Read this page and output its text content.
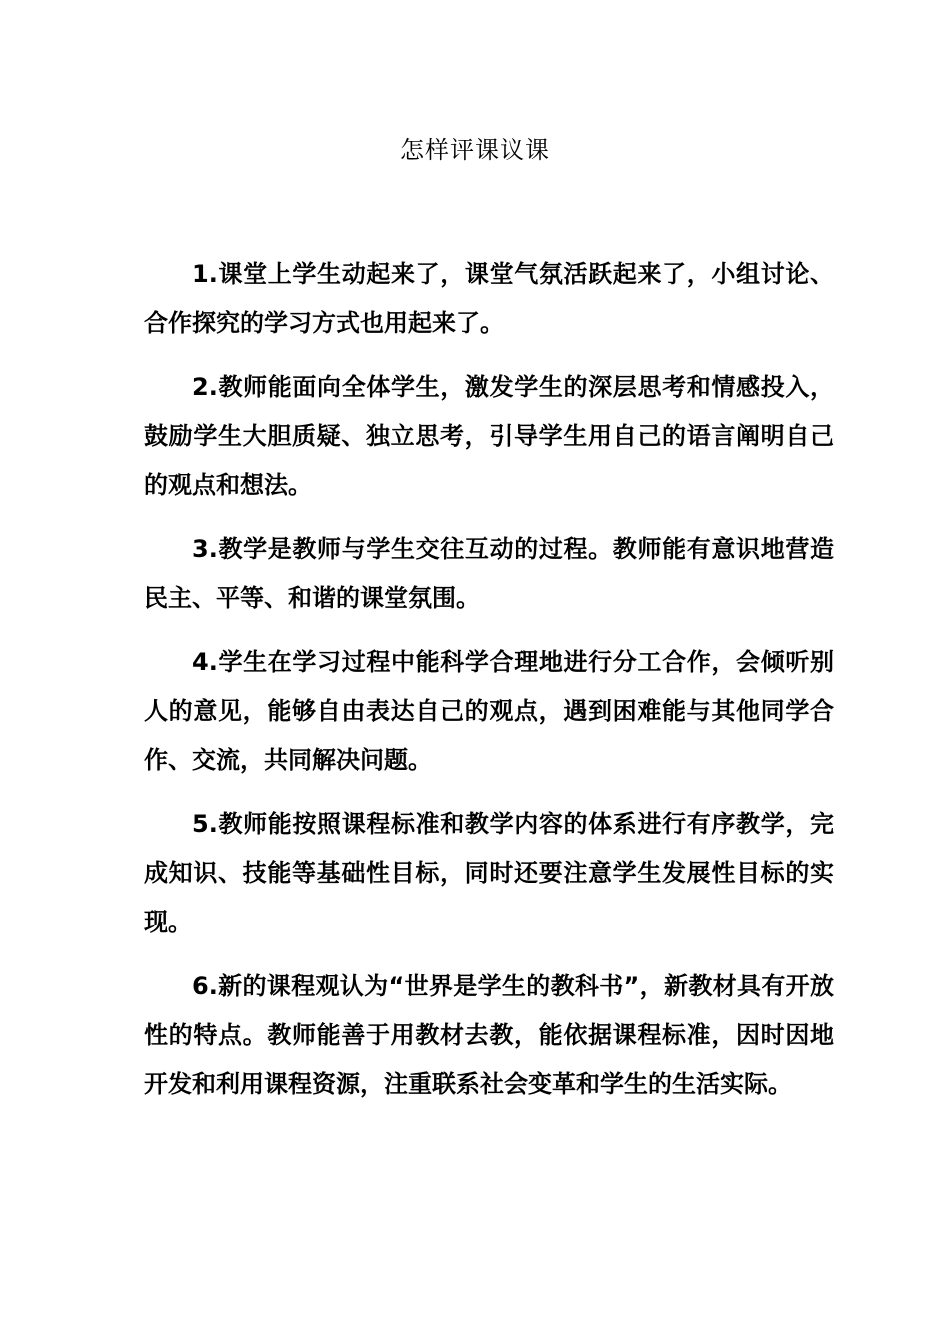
怎样评课议课

1.课堂上学生动起来了，课堂气氛活跃起来了，小组讨论、合作探究的学习方式也用起来了。

2.教师能面向全体学生，激发学生的深层思考和情感投入，鼓励学生大胆质疑、独立思考，引导学生用自己的语言阐明自己的观点和想法。

3.教学是教师与学生交往互动的过程。教师能有意识地营造民主、平等、和谐的课堂氛围。

4.学生在学习过程中能科学合理地进行分工合作，会倾听别人的意见，能够自由表达自己的观点，遇到困难能与其他同学合作、交流，共同解决问题。

5.教师能按照课程标准和教学内容的体系进行有序教学，完成知识、技能等基础性目标，同时还要注意学生发展性目标的实现。

6.新的课程观认为“世界是学生的教科书”，新教材具有开放性的特点。教师能善于用教材去教，能依据课程标准，因时因地开发和利用课程资源，注重联系社会变革和学生的生活实际。
